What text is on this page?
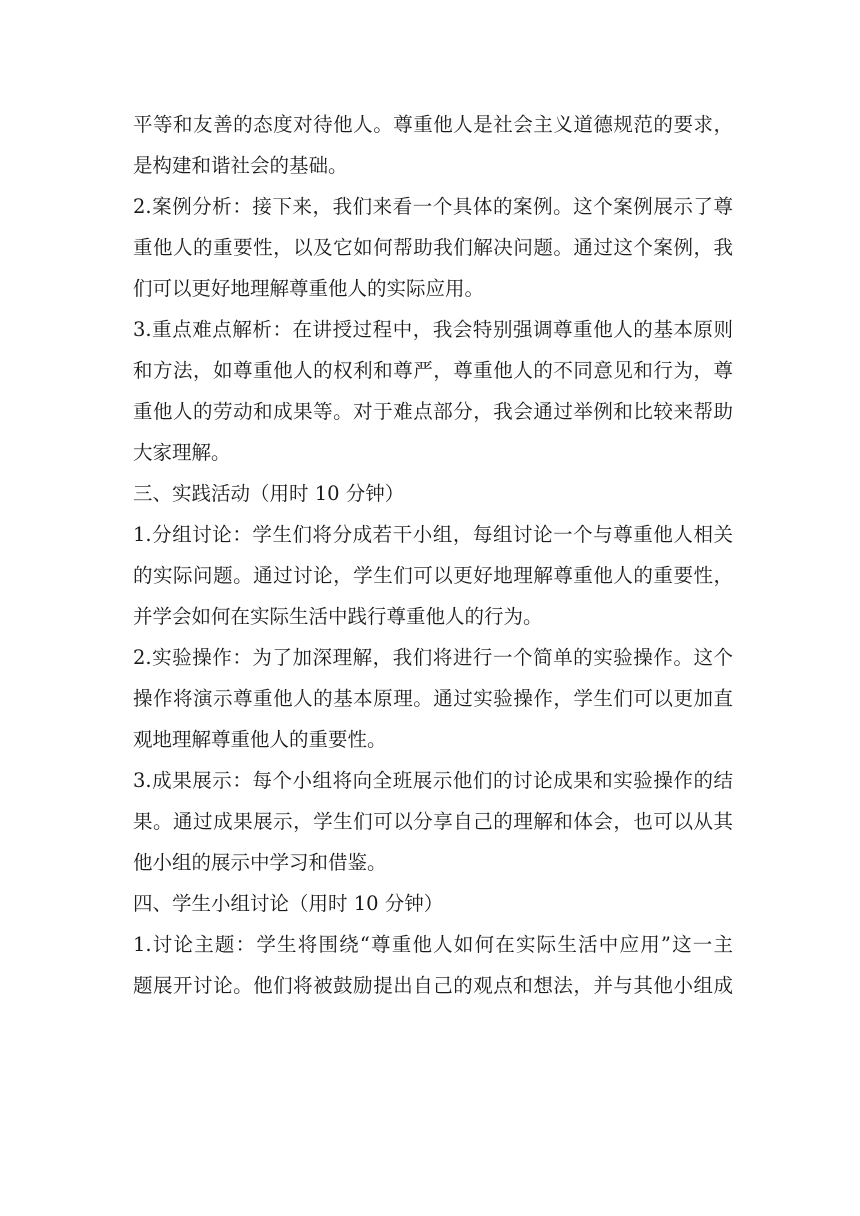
平等和友善的态度对待他人。尊重他人是社会主义道德规范的要求，
是构建和谐社会的基础。

2.案例分析：接下来，我们来看一个具体的案例。这个案例展示了尊
重他人的重要性，以及它如何帮助我们解决问题。通过这个案例，我
们可以更好地理解尊重他人的实际应用。

3.重点难点解析：在讲授过程中，我会特别强调尊重他人的基本原则
和方法，如尊重他人的权利和尊严，尊重他人的不同意见和行为，尊
重他人的劳动和成果等。对于难点部分，我会通过举例和比较来帮助
大家理解。

三、实践活动（用时 10 分钟）

1.分组讨论：学生们将分成若干小组，每组讨论一个与尊重他人相关
的实际问题。通过讨论，学生们可以更好地理解尊重他人的重要性，
并学会如何在实际生活中践行尊重他人的行为。

2.实验操作：为了加深理解，我们将进行一个简单的实验操作。这个
操作将演示尊重他人的基本原理。通过实验操作，学生们可以更加直
观地理解尊重他人的重要性。

3.成果展示：每个小组将向全班展示他们的讨论成果和实验操作的结
果。通过成果展示，学生们可以分享自己的理解和体会，也可以从其
他小组的展示中学习和借鉴。

四、学生小组讨论（用时 10 分钟）

1.讨论主题：学生将围绕“尊重他人如何在实际生活中应用”这一主
题展开讨论。他们将被鼓励提出自己的观点和想法，并与其他小组成
